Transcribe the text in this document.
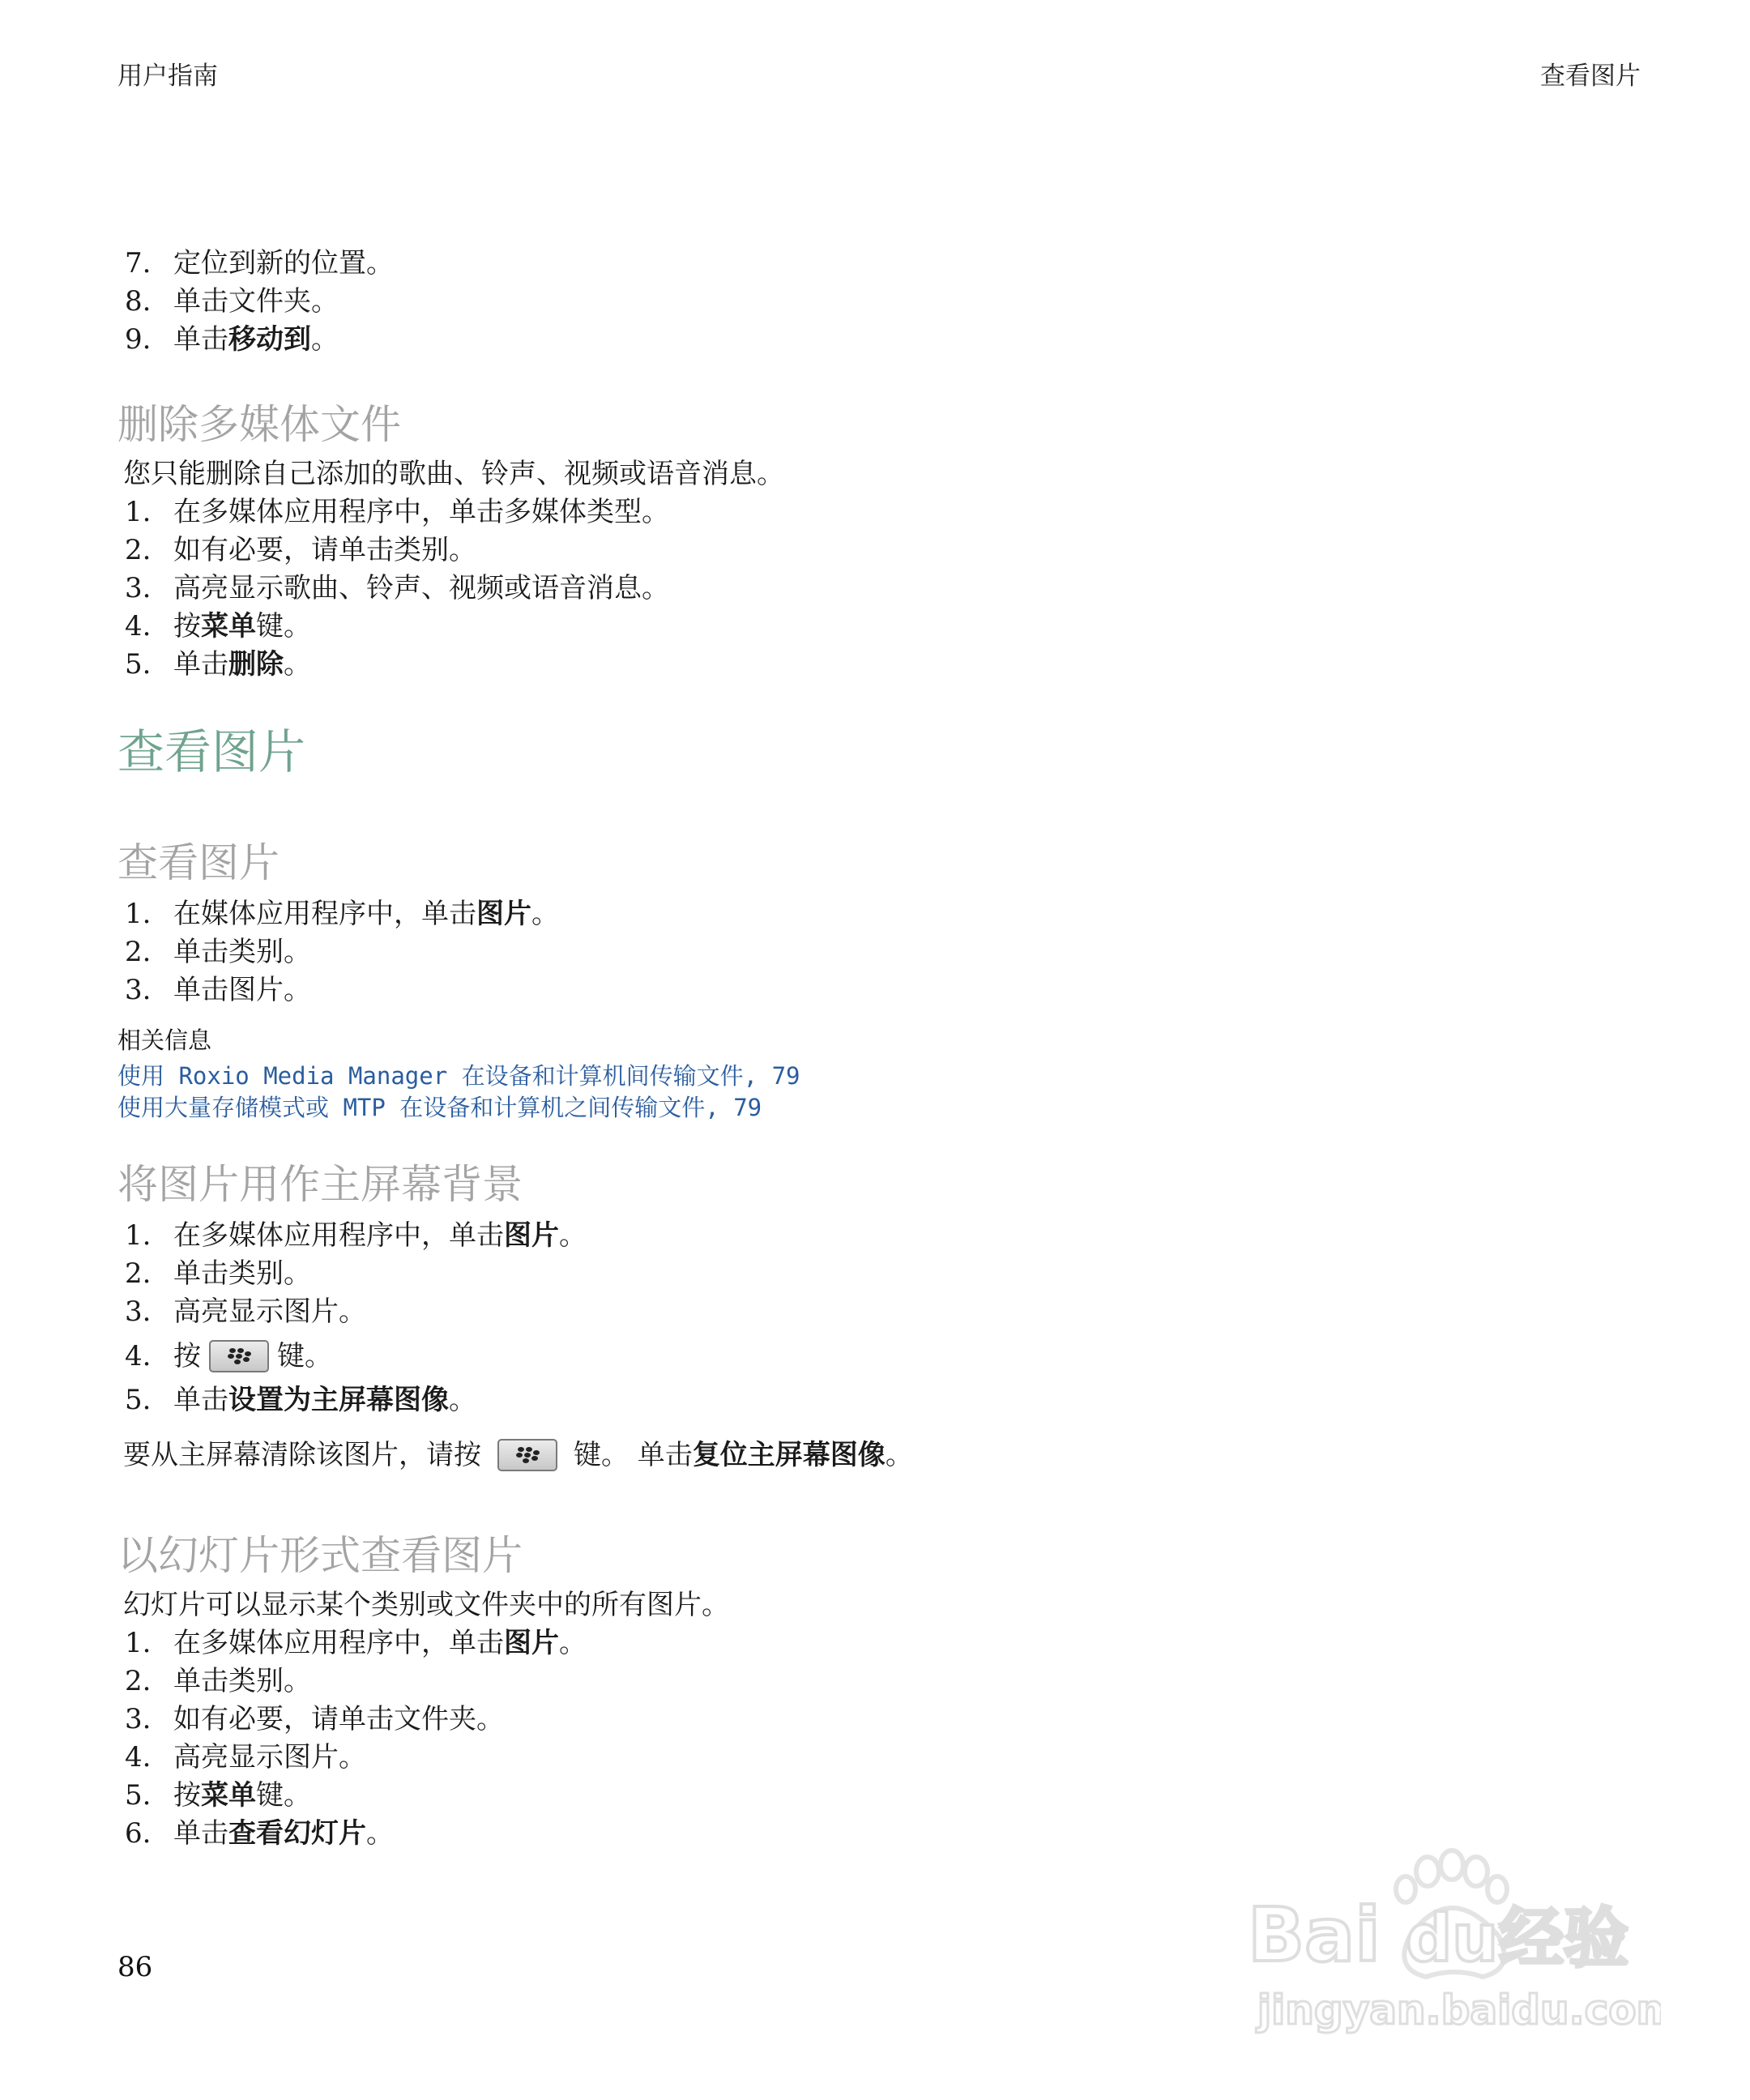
用户指南	查看图片
7. 定位到新的位置。
8. 单击文件夹。
9. 单击 移动到 。
删除多媒体文件
您只能删除自己添加的歌曲、铃声、视频或语音消息。
1. 在多媒体应用程序中，单击多媒体类型。
2. 如有必要，请单击类别。
3. 高亮显示歌曲、铃声、视频或语音消息。
4. 按 菜单 键。
5. 单击 删除 。
查看图片
查看图片
1. 在媒体应用程序中，单击 图片 。
2. 单击类别。
3. 单击图片。
相关信息
使用 Roxio Media Manager 在设备和计算机间传输文件, 79
使用大量存储模式或 MTP 在设备和计算机之间传输文件, 79
将图片用作主屏幕背景
1. 在多媒体应用程序中，单击 图片 。
2. 单击类别。
3. 高亮显示图片。
4. 按	键。
5. 单击 设置为主屏幕图像 。
要从主屏幕清除该图片，请按	键。 单击 复位主屏幕图像 。
以幻灯片形式查看图片
幻灯片可以显示某个类别或文件夹中的所有图片。
1. 在多媒体应用程序中，单击 图片 。
2. 单击类别。
3. 如有必要，请单击文件夹。
4. 高亮显示图片。
5. 按 菜单 键。
6. 单击 查看幻灯片 。
86	Bai du 经验
jingyan.baidu.com
